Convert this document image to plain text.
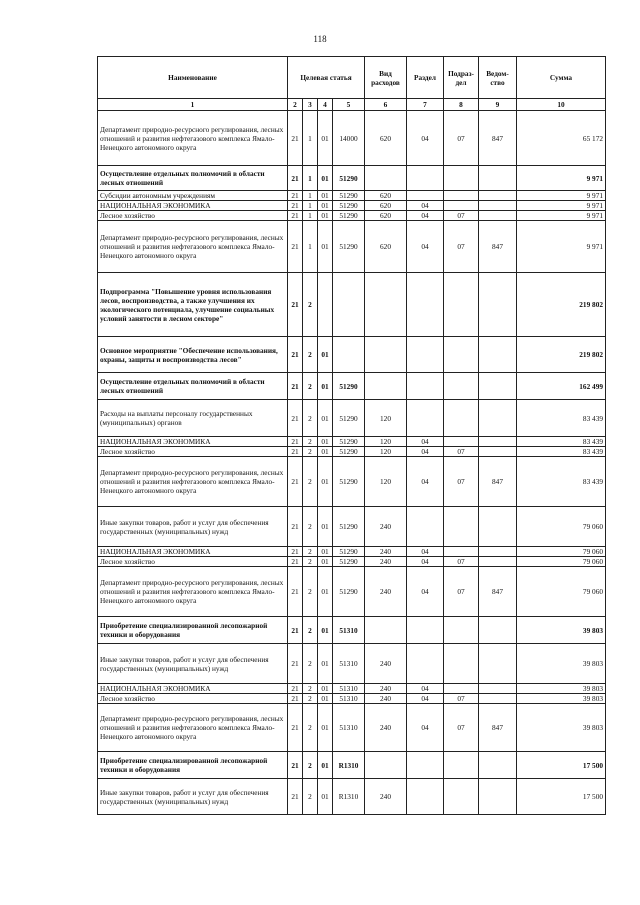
118
Наименование	Целевая статья				Вид расходов	Раздел	Подраз-дел	Ведом-ство	Сумма
1	2	3	4	5	6	7	8	9	10
Департамент природно-ресурсного регулирования, лесных отношений и развития нефтегазового комплекса Ямало-Ненецкого автономного округа	21	1	01	14000	620	04	07	847	65 172
Осуществление отдельных полномочий в области лесных отношений	21	1	01	51290					9 971
Субсидии автономным учреждениям	21	1	01	51290	620				9 971
НАЦИОНАЛЬНАЯ ЭКОНОМИКА	21	1	01	51290	620	04			9 971
Лесное хозяйство	21	1	01	51290	620	04	07		9 971
Департамент природно-ресурсного регулирования, лесных отношений и развития нефтегазового комплекса Ямало-Ненецкого автономного округа	21	1	01	51290	620	04	07	847	9 971
Подпрограмма "Повышение уровня использования лесов, воспроизводства, а также улучшения их экологического потенциала, улучшение социальных условий занятости в лесном секторе"	21	2							219 802
Основное мероприятие "Обеспечение использования, охраны, защиты и воспроизводства лесов"	21	2	01						219 802
Осуществление отдельных полномочий в области лесных отношений	21	2	01	51290					162 499
Расходы на выплаты персоналу государственных (муниципальных) органов	21	2	01	51290	120				83 439
НАЦИОНАЛЬНАЯ ЭКОНОМИКА	21	2	01	51290	120	04			83 439
Лесное хозяйство	21	2	01	51290	120	04	07		83 439
Департамент природно-ресурсного регулирования, лесных отношений и развития нефтегазового комплекса Ямало-Ненецкого автономного округа	21	2	01	51290	120	04	07	847	83 439
Иные закупки товаров, работ и услуг для обеспечения государственных (муниципальных) нужд	21	2	01	51290	240				79 060
НАЦИОНАЛЬНАЯ ЭКОНОМИКА	21	2	01	51290	240	04			79 060
Лесное хозяйство	21	2	01	51290	240	04	07		79 060
Департамент природно-ресурсного регулирования, лесных отношений и развития нефтегазового комплекса Ямало-Ненецкого автономного округа	21	2	01	51290	240	04	07	847	79 060
Приобретение специализированной лесопожарной техники и оборудования	21	2	01	51310					39 803
Иные закупки товаров, работ и услуг для обеспечения государственных (муниципальных) нужд	21	2	01	51310	240				39 803
НАЦИОНАЛЬНАЯ ЭКОНОМИКА	21	2	01	51310	240	04			39 803
Лесное хозяйство	21	2	01	51310	240	04	07		39 803
Департамент природно-ресурсного регулирования, лесных отношений и развития нефтегазового комплекса Ямало-Ненецкого автономного округа	21	2	01	51310	240	04	07	847	39 803
Приобретение специализированной лесопожарной техники и оборудования	21	2	01	R1310					17 500
Иные закупки товаров, работ и услуг для обеспечения государственных (муниципальных) нужд	21	2	01	R1310	240				17 500
